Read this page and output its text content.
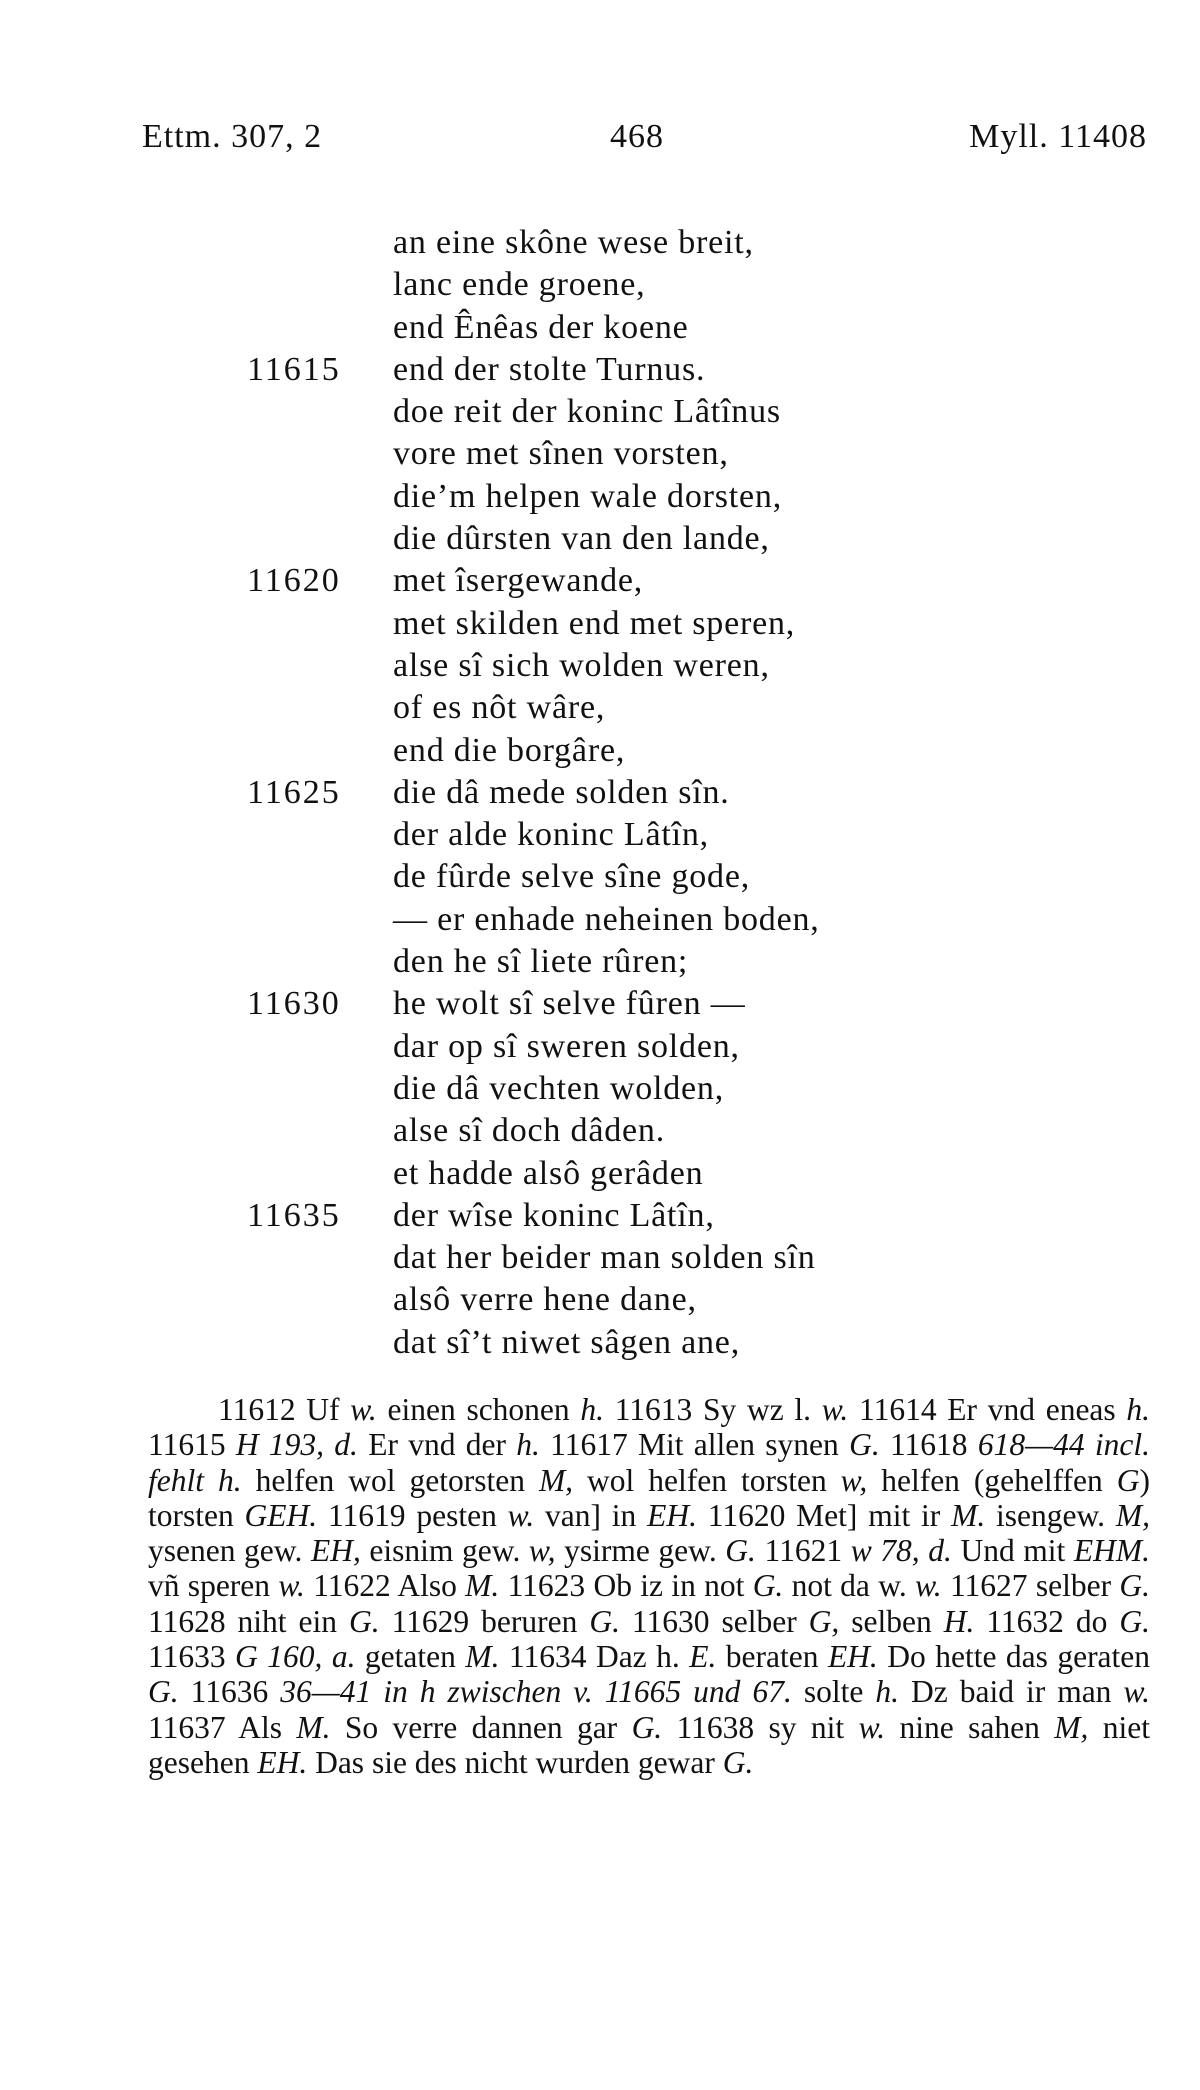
Ettm. 307, 2	468	Myll. 11408
an eine skône wese breit,
lanc ende groene,
end Ênêas der koene
11615 end der stolte Turnus.
doe reit der koninc Lâtînus
vore met sînen vorsten,
die’m helpen wale dorsten,
die dûrsten van den lande,
11620 met îsergewande,
met skilden end met speren,
alse sî sich wolden weren,
of es nôt wâre,
end die borgâre,
11625 die dâ mede solden sîn.
der alde koninc Lâtîn,
de fûrde selve sîne gode,
— er enhade neheinen boden,
den he sî liete rûren;
11630 he wolt sî selve fûren —
dar op sî sweren solden,
die dâ vechten wolden,
alse sî doch dâden.
et hadde alsô gerâden
11635 der wîse koninc Lâtîn,
dat her beider man solden sîn
alsô verre hene dane,
dat sî’t niwet sâgen ane,
11612 Uf w. einen schonen h. 11613 Sy wz l. w. 11614 Er vnd eneas h. 11615 H 193, d. Er vnd der h. 11617 Mit allen synen G. 11618 618—44 incl. fehlt h. helfen wol getorsten M, wol helfen torsten w, helfen (gehelffen G) torsten GEH. 11619 pesten w. van] in EH. 11620 Met] mit ir M. isengew. M, ysenen gew. EH, eisnim gew. w, ysirme gew. G. 11621 w 78, d. Und mit EHM. vñ speren w. 11622 Also M. 11623 Ob iz in not G. not da w. w. 11627 selber G. 11628 niht ein G. 11629 beruren G. 11630 selber G, selben H. 11632 do G. 11633 G 160, a. getaten M. 11634 Daz h. E. beraten EH. Do hette das geraten G. 11636 36—41 in h zwischen v. 11665 und 67. solte h. Dz baid ir man w. 11637 Als M. So verre dannen gar G. 11638 sy nit w. nine sahen M, niet gesehen EH. Das sie des nicht wurden gewar G.
